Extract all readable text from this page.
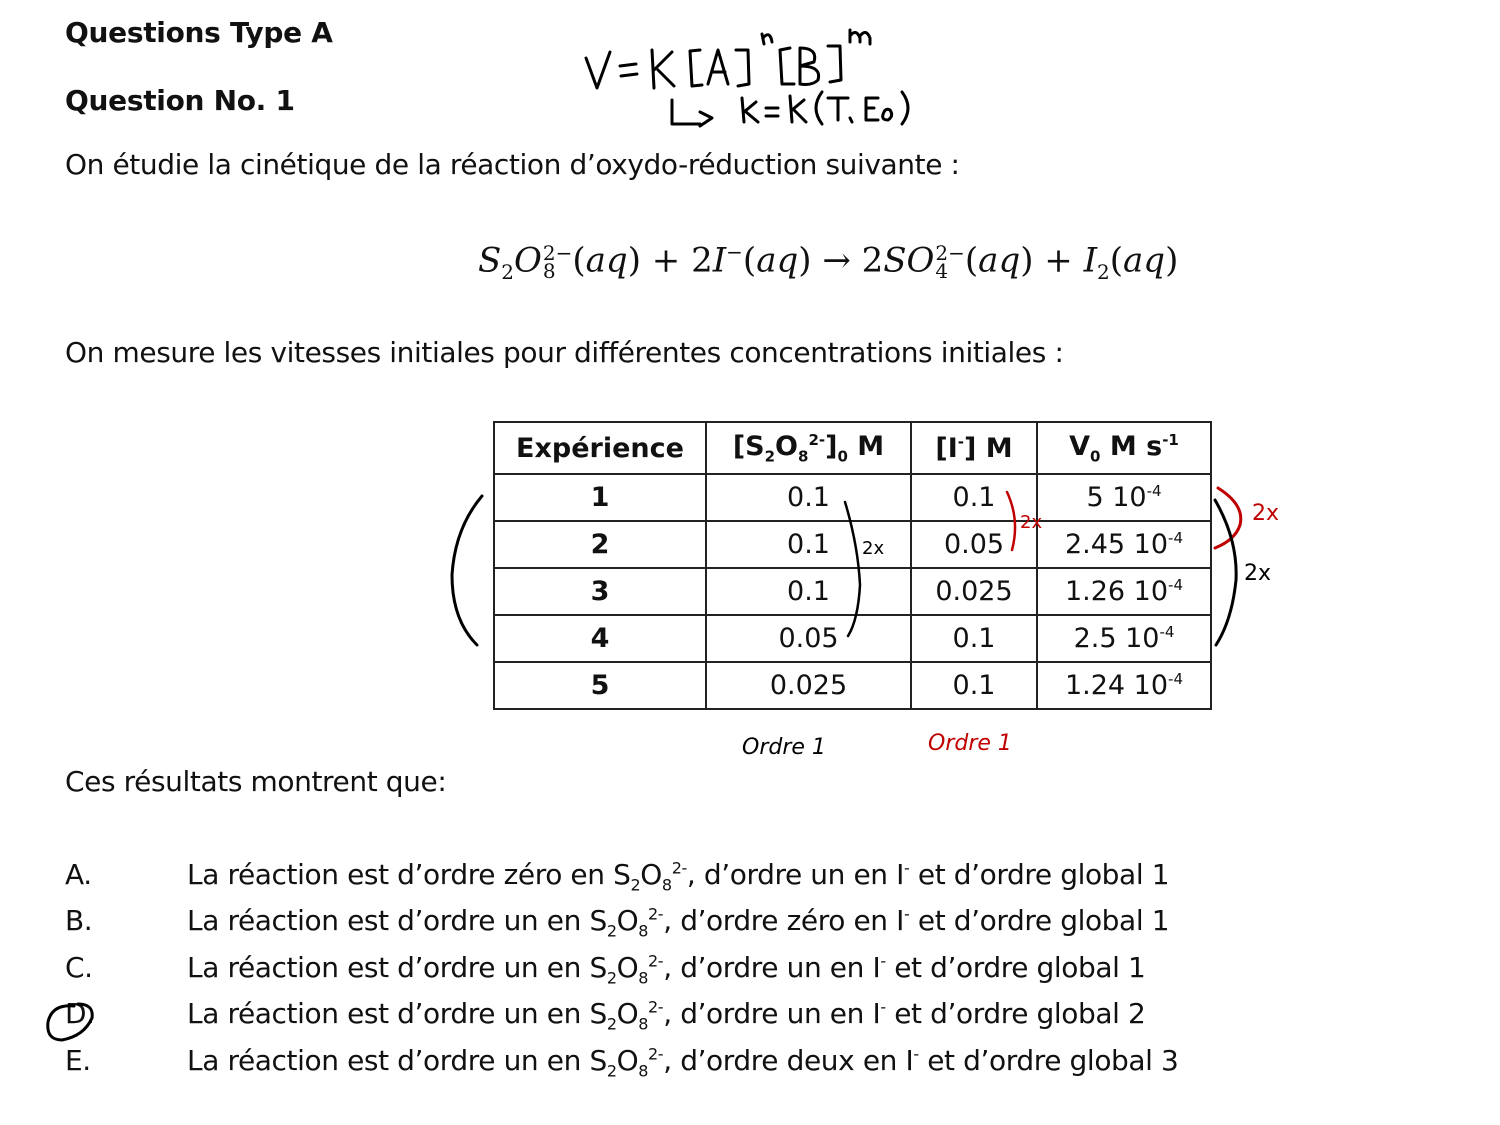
Questions Type A
Question No. 1
On étudie la cinétique de la réaction d’oxydo-réduction suivante :
$S_2O$ 2−
8 (aq) + 2I−(aq) → 2SO 2−
4 $(aq) + I_2(aq)$
On mesure les vitesses initiales pour différentes concentrations initiales :
Expérience	$[S_2O_8^{2-}]_0$ M	[I-] M	$V_0$ M $s^{-1}$
1	0.1	0.1	5 $10^{-4}$
2	0.1	0.05	2.45 $10^{-4}$
3	0.1	0.025	1.26 $10^{-4}$
4	0.05	0.1	2.5 $10^{-4}$
5	0.025	0.1	1.24 $10^{-4}$
Ces résultats montrent que:
A.	La réaction est d’ordre zéro en $S_2O_8^{2-}$, d’ordre un en I- et d’ordre global 1
B.	La réaction est d’ordre un en $S_2O_8^{2-}$, d’ordre zéro en I- et d’ordre global 1
C.	La réaction est d’ordre un en $S_2O_8^{2-}$, d’ordre un en I- et d’ordre global 1
D.	La réaction est d’ordre un en $S_2O_8^{2-}$, d’ordre un en I- et d’ordre global 2
E.	La réaction est d’ordre un en $S_2O_8^{2-}$, d’ordre deux en I- et d’ordre global 3
2x
2x	2x
2x
Ordre 1	Ordre 1
